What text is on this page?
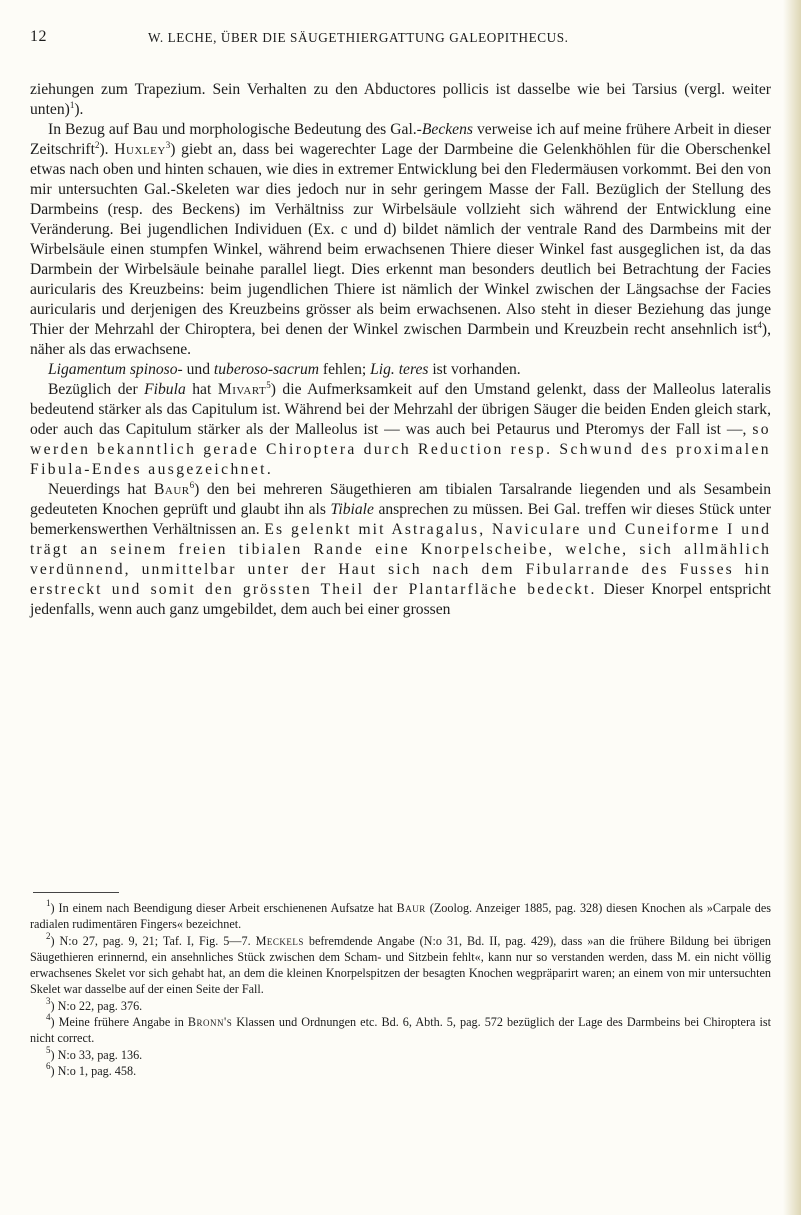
12	W. LECHE, ÜBER DIE SÄUGETHIERGATTUNG GALEOPITHECUS.

ziehungen zum Trapezium. Sein Verhalten zu den Abductores pollicis ist dasselbe wie bei Tarsius (vergl. weiter unten)$^1$).

In Bezug auf Bau und morphologische Bedeutung des Gal.-Beckens verweise ich auf meine frühere Arbeit in dieser Zeitschrift$^2$). Huxley$^3$) giebt an, dass bei wagerechter Lage der Darmbeine die Gelenkhöhlen für die Oberschenkel etwas nach oben und hinten schauen, wie dies in extremer Entwicklung bei den Fledermäusen vorkommt. Bei den von mir untersuchten Gal.-Skeleten war dies jedoch nur in sehr geringem Masse der Fall. Bezüglich der Stellung des Darmbeins (resp. des Beckens) im Verhältniss zur Wirbelsäule vollzieht sich während der Entwicklung eine Veränderung. Bei jugendlichen Individuen (Ex. c und d) bildet nämlich der ventrale Rand des Darmbeins mit der Wirbelsäule einen stumpfen Winkel, während beim erwachsenen Thiere dieser Winkel fast ausgeglichen ist, da das Darmbein der Wirbelsäule beinahe parallel liegt. Dies erkennt man besonders deutlich bei Betrachtung der Facies auricularis des Kreuzbeins: beim jugendlichen Thiere ist nämlich der Winkel zwischen der Längsachse der Facies auricularis und derjenigen des Kreuzbeins grösser als beim erwachsenen. Also steht in dieser Beziehung das junge Thier der Mehrzahl der Chiroptera, bei denen der Winkel zwischen Darmbein und Kreuzbein recht ansehnlich ist$^4$), näher als das erwachsene.

Ligamentum spinoso- und tuberoso-sacrum fehlen; Lig. teres ist vorhanden.

Bezüglich der Fibula hat Mivart$^5$) die Aufmerksamkeit auf den Umstand gelenkt, dass der Malleolus lateralis bedeutend stärker als das Capitulum ist. Während bei der Mehrzahl der übrigen Säuger die beiden Enden gleich stark, oder auch das Capitulum stärker als der Malleolus ist — was auch bei Petaurus und Pteromys der Fall ist —, so werden bekanntlich gerade Chiroptera durch Reduction resp. Schwund des proximalen Fibula-Endes ausgezeichnet.

Neuerdings hat Baur$^6$) den bei mehreren Säugethieren am tibialen Tarsalrande liegenden und als Sesambein gedeuteten Knochen geprüft und glaubt ihn als Tibiale ansprechen zu müssen. Bei Gal. treffen wir dieses Stück unter bemerkenswerthen Verhältnissen an. Es gelenkt mit Astragalus, Naviculare und Cuneiforme I und trägt an seinem freien tibialen Rande eine Knorpelscheibe, welche, sich allmählich verdünnend, unmittelbar unter der Haut sich nach dem Fibularrande des Fusses hin erstreckt und somit den grössten Theil der Plantarfläche bedeckt. Dieser Knorpel entspricht jedenfalls, wenn auch ganz umgebildet, dem auch bei einer grossen

$^1$) In einem nach Beendigung dieser Arbeit erschienenen Aufsatze hat Baur (Zoolog. Anzeiger 1885, pag. 328) diesen Knochen als »Carpale des radialen rudimentären Fingers« bezeichnet.

$^2$) N:o 27, pag. 9, 21; Taf. I, Fig. 5—7. Meckels befremdende Angabe (N:o 31, Bd. II, pag. 429), dass »an die frühere Bildung bei übrigen Säugethieren erinnernd, ein ansehnliches Stück zwischen dem Scham- und Sitzbein fehlt«, kann nur so verstanden werden, dass M. ein nicht völlig erwachsenes Skelet vor sich gehabt hat, an dem die kleinen Knorpelspitzen der besagten Knochen wegpräparirt waren; an einem von mir untersuchten Skelet war dasselbe auf der einen Seite der Fall.

$^3$) N:o 22, pag. 376.

$^4$) Meine frühere Angabe in Bronn's Klassen und Ordnungen etc. Bd. 6, Abth. 5, pag. 572 bezüglich der Lage des Darmbeins bei Chiroptera ist nicht correct.

$^5$) N:o 33, pag. 136.

$^6$) N:o 1, pag. 458.
